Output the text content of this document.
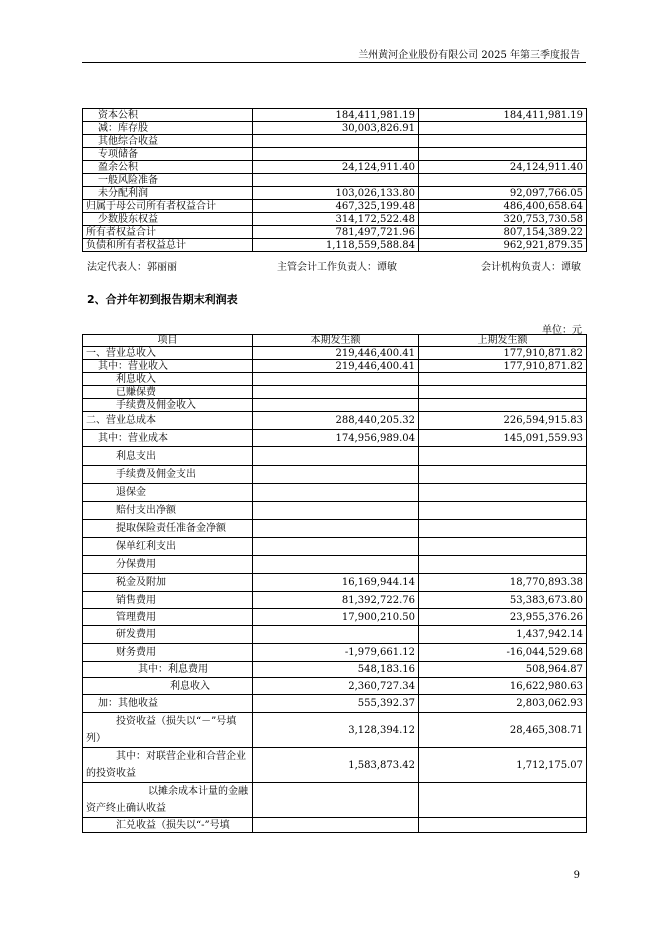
兰州黄河企业股份有限公司 2025 年第三季度报告
资本公积	184,411,981.19	184,411,981.19
减：库存股	30,003,826.91	
其他综合收益		
专项储备		
盈余公积	24,124,911.40	24,124,911.40
一般风险准备		
未分配利润	103,026,133.80	92,097,766.05
归属于母公司所有者权益合计	467,325,199.48	486,400,658.64
少数股东权益	314,172,522.48	320,753,730.58
所有者权益合计	781,497,721.96	807,154,389.22
负债和所有者权益总计	1,118,559,588.84	962,921,879.35
法定代表人：郭丽丽	主管会计工作负责人：谭敏	会计机构负责人：谭敏
2、合并年初到报告期末利润表
单位：元
项目	本期发生额	上期发生额
一、营业总收入	219,446,400.41	177,910,871.82
其中：营业收入	219,446,400.41	177,910,871.82
利息收入		
已赚保费		
手续费及佣金收入		
二、营业总成本	288,440,205.32	226,594,915.83
其中：营业成本	174,956,989.04	145,091,559.93
利息支出		
手续费及佣金支出		
退保金		
赔付支出净额		
提取保险责任准备金净额		
保单红利支出		
分保费用		
税金及附加	16,169,944.14	18,770,893.38
销售费用	81,392,722.76	53,383,673.80
管理费用	17,900,210.50	23,955,376.26
研发费用		1,437,942.14
财务费用	-1,979,661.12	-16,044,529.68
其中：利息费用	548,183.16	508,964.87
利息收入	2,360,727.34	16,622,980.63
加：其他收益	555,392.37	2,803,062.93
投资收益（损失以“－”号填列）	3,128,394.12	28,465,308.71
其中：对联营企业和合营企业的投资收益	1,583,873.42	1,712,175.07
以摊余成本计量的金融资产终止确认收益		
汇兑收益（损失以“-”号填		
9
